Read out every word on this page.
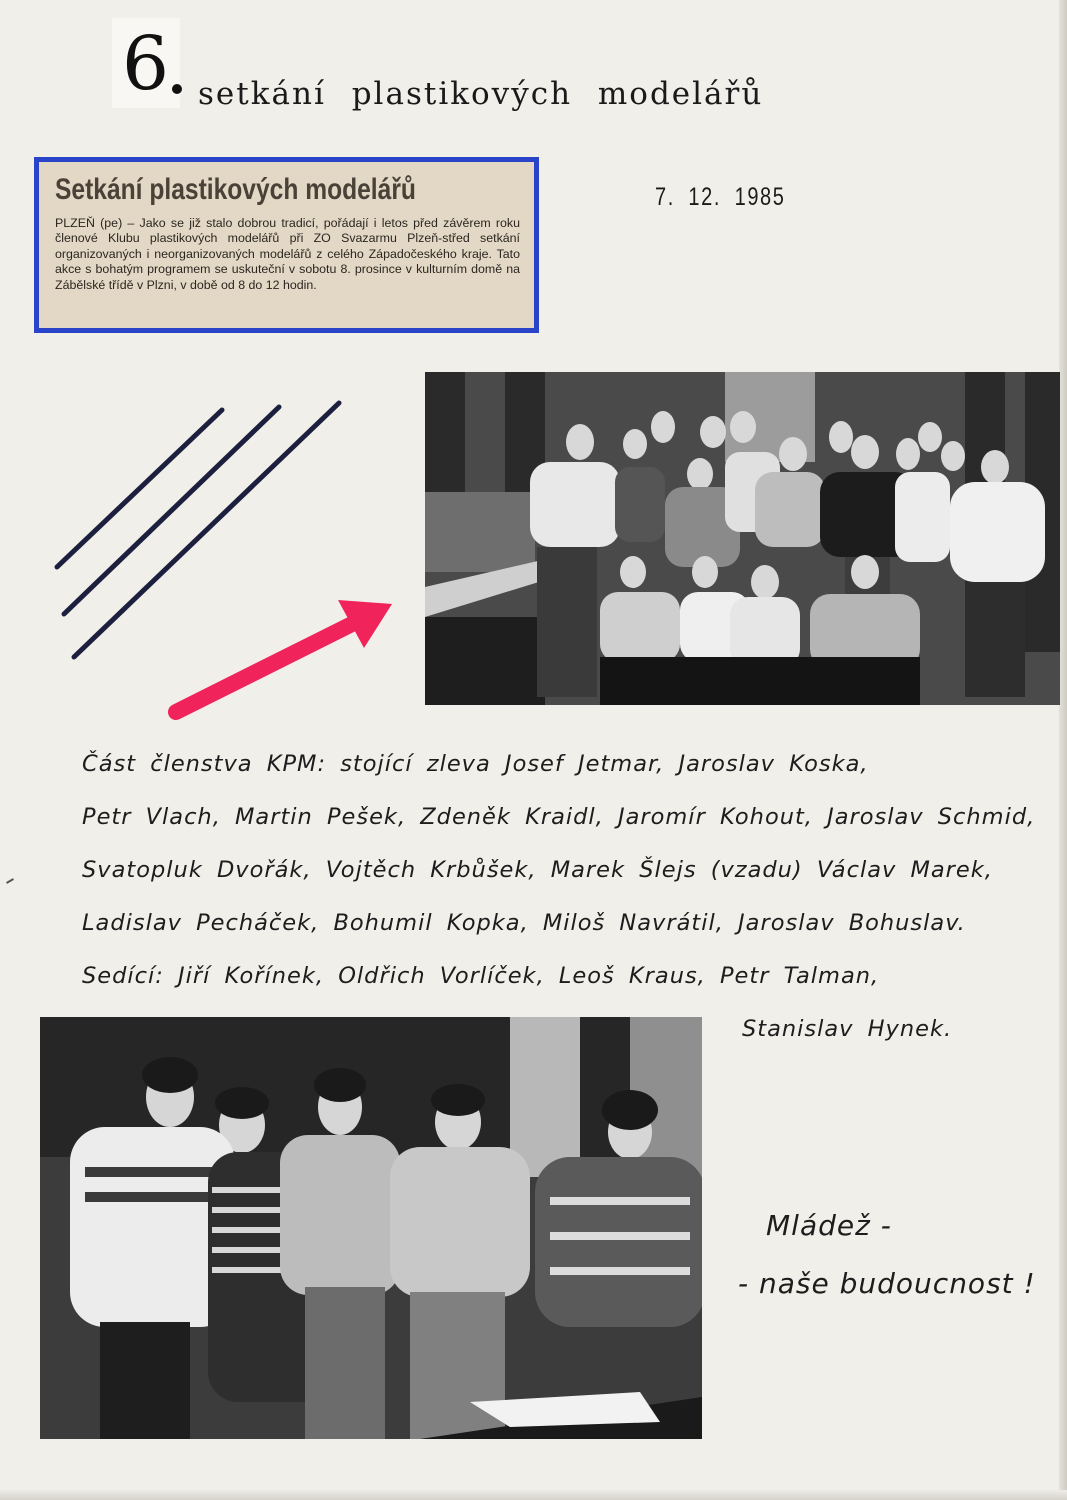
6 setkání plastikových modelářů
Setkání plastikových modelářů
PLZEŇ (pe) – Jako se již stalo dobrou tradicí, pořádají i letos před závěrem roku členové Klubu plastikových modelářů při ZO Svazarmu Plzeň-střed setkání organizovaných i neorganizovaných modelářů z celého Západočeského kraje. Tato akce s bohatým programem se uskuteční v sobotu 8. prosince v kulturním domě na Zábělské třídě v Plzni, v době od 8 do 12 hodin.
7. 12. 1985
Část členstva KPM: stojící zleva Josef Jetmar, Jaroslav Koska,
Petr Vlach, Martin Pešek, Zdeněk Kraidl, Jaromír Kohout, Jaroslav Schmid,
Svatopluk Dvořák, Vojtěch Krbůšek, Marek Šlejs (vzadu) Václav Marek,
Ladislav Pecháček, Bohumil Kopka, Miloš Navrátil, Jaroslav Bohuslav.
Sedící: Jiří Kořínek, Oldřich Vorlíček, Leoš Kraus, Petr Talman,
Stanislav Hynek.
Mládež -
- naše budoucnost !
